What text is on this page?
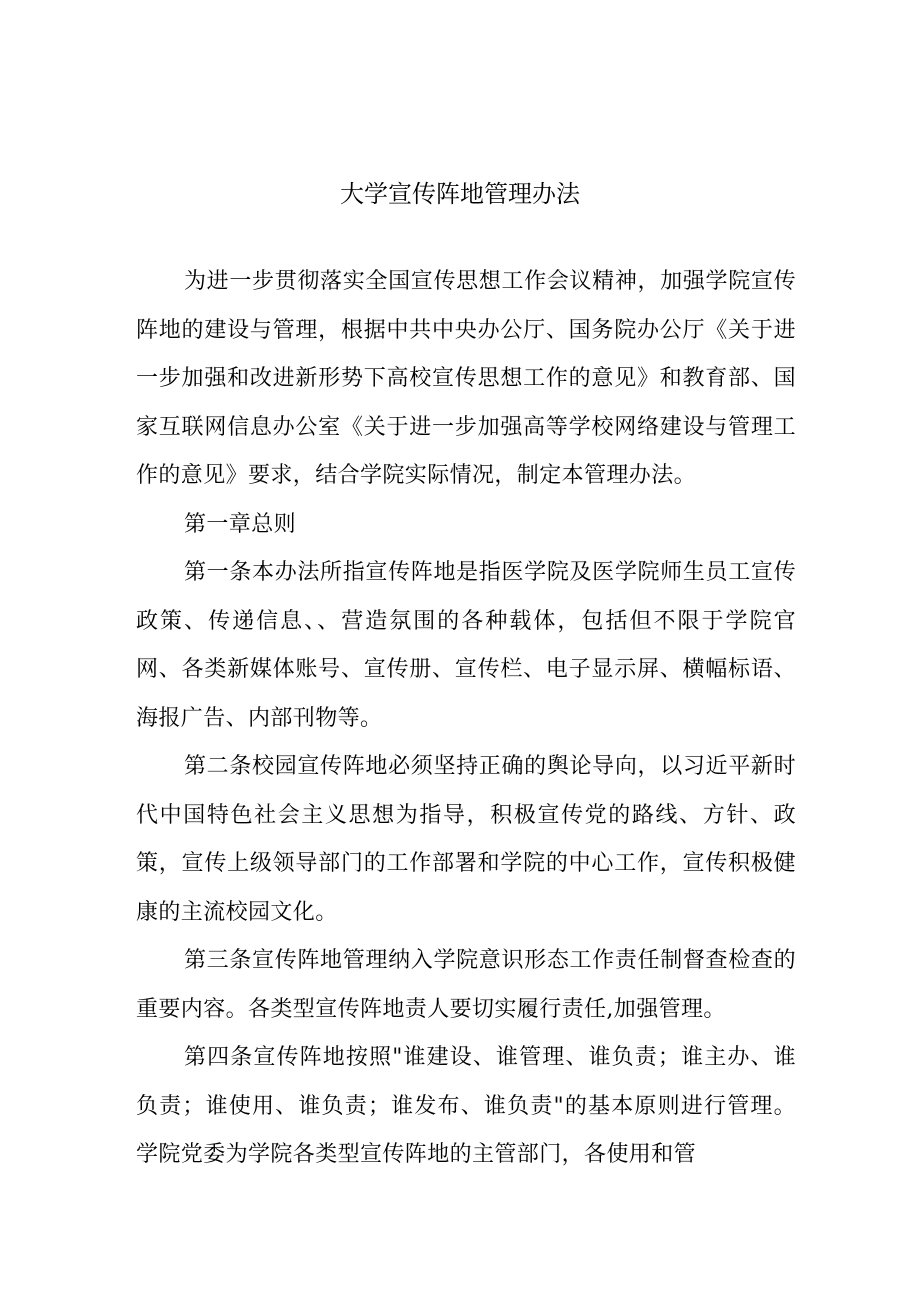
大学宣传阵地管理办法

为进一步贯彻落实全国宣传思想工作会议精神，加强学院宣传阵地的建设与管理，根据中共中央办公厅、国务院办公厅《关于进一步加强和改进新形势下高校宣传思想工作的意见》和教育部、国家互联网信息办公室《关于进一步加强高等学校网络建设与管理工作的意见》要求，结合学院实际情况，制定本管理办法。

第一章总则

第一条本办法所指宣传阵地是指医学院及医学院师生员工宣传政策、传递信息、、营造氛围的各种载体，包括但不限于学院官网、各类新媒体账号、宣传册、宣传栏、电子显示屏、横幅标语、海报广告、内部刊物等。

第二条校园宣传阵地必须坚持正确的舆论导向，以习近平新时代中国特色社会主义思想为指导，积极宣传党的路线、方针、政策，宣传上级领导部门的工作部署和学院的中心工作，宣传积极健康的主流校园文化。

第三条宣传阵地管理纳入学院意识形态工作责任制督查检查的重要内容。各类型宣传阵地责人要切实履行责任,加强管理。

第四条宣传阵地按照"谁建设、谁管理、谁负责；谁主办、谁负责；谁使用、谁负责；谁发布、谁负责"的基本原则进行管理。学院党委为学院各类型宣传阵地的主管部门，各使用和管
